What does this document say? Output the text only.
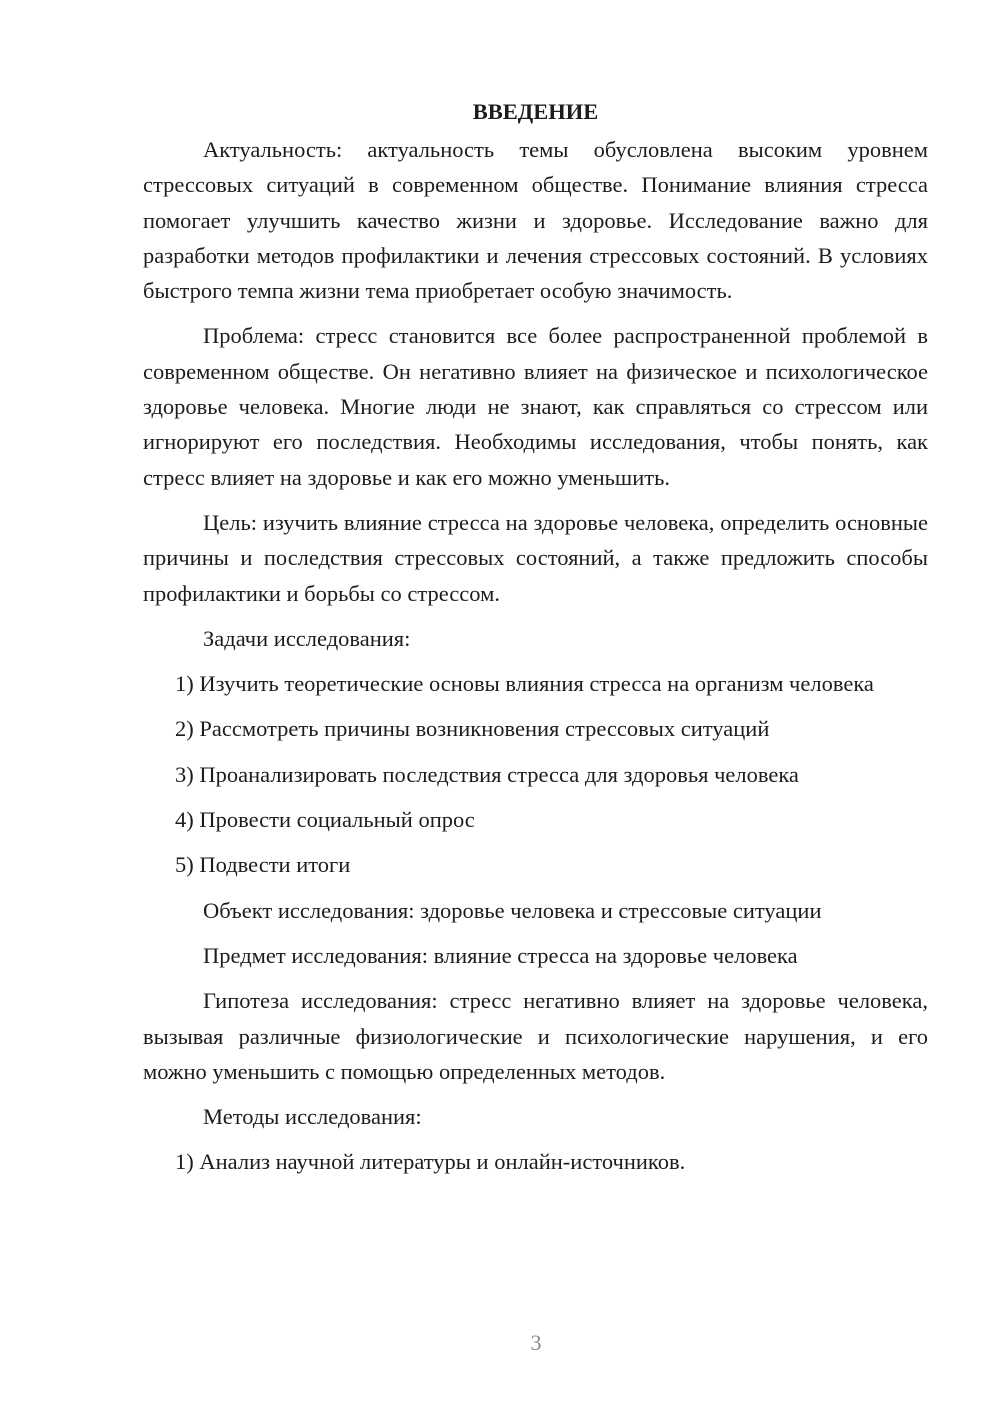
ВВЕДЕНИЕ

Актуальность: актуальность темы обусловлена высоким уровнем стрессовых ситуаций в современном обществе. Понимание влияния стресса помогает улучшить качество жизни и здоровье. Исследование важно для разработки методов профилактики и лечения стрессовых состояний. В условиях быстрого темпа жизни тема приобретает особую значимость.

Проблема: стресс становится все более распространенной проблемой в современном обществе. Он негативно влияет на физическое и психологическое здоровье человека. Многие люди не знают, как справляться со стрессом или игнорируют его последствия. Необходимы исследования, чтобы понять, как стресс влияет на здоровье и как его можно уменьшить.

Цель: изучить влияние стресса на здоровье человека, определить основные причины и последствия стрессовых состояний, а также предложить способы профилактики и борьбы со стрессом.

Задачи исследования:

1) Изучить теоретические основы влияния стресса на организм человека

2) Рассмотреть причины возникновения стрессовых ситуаций

3) Проанализировать последствия стресса для здоровья человека

4) Провести социальный опрос

5) Подвести итоги

Объект исследования: здоровье человека и стрессовые ситуации

Предмет исследования: влияние стресса на здоровье человека

Гипотеза исследования: стресс негативно влияет на здоровье человека, вызывая различные физиологические и психологические нарушения, и его можно уменьшить с помощью определенных методов.

Методы исследования:

1) Анализ научной литературы и онлайн-источников.

3
